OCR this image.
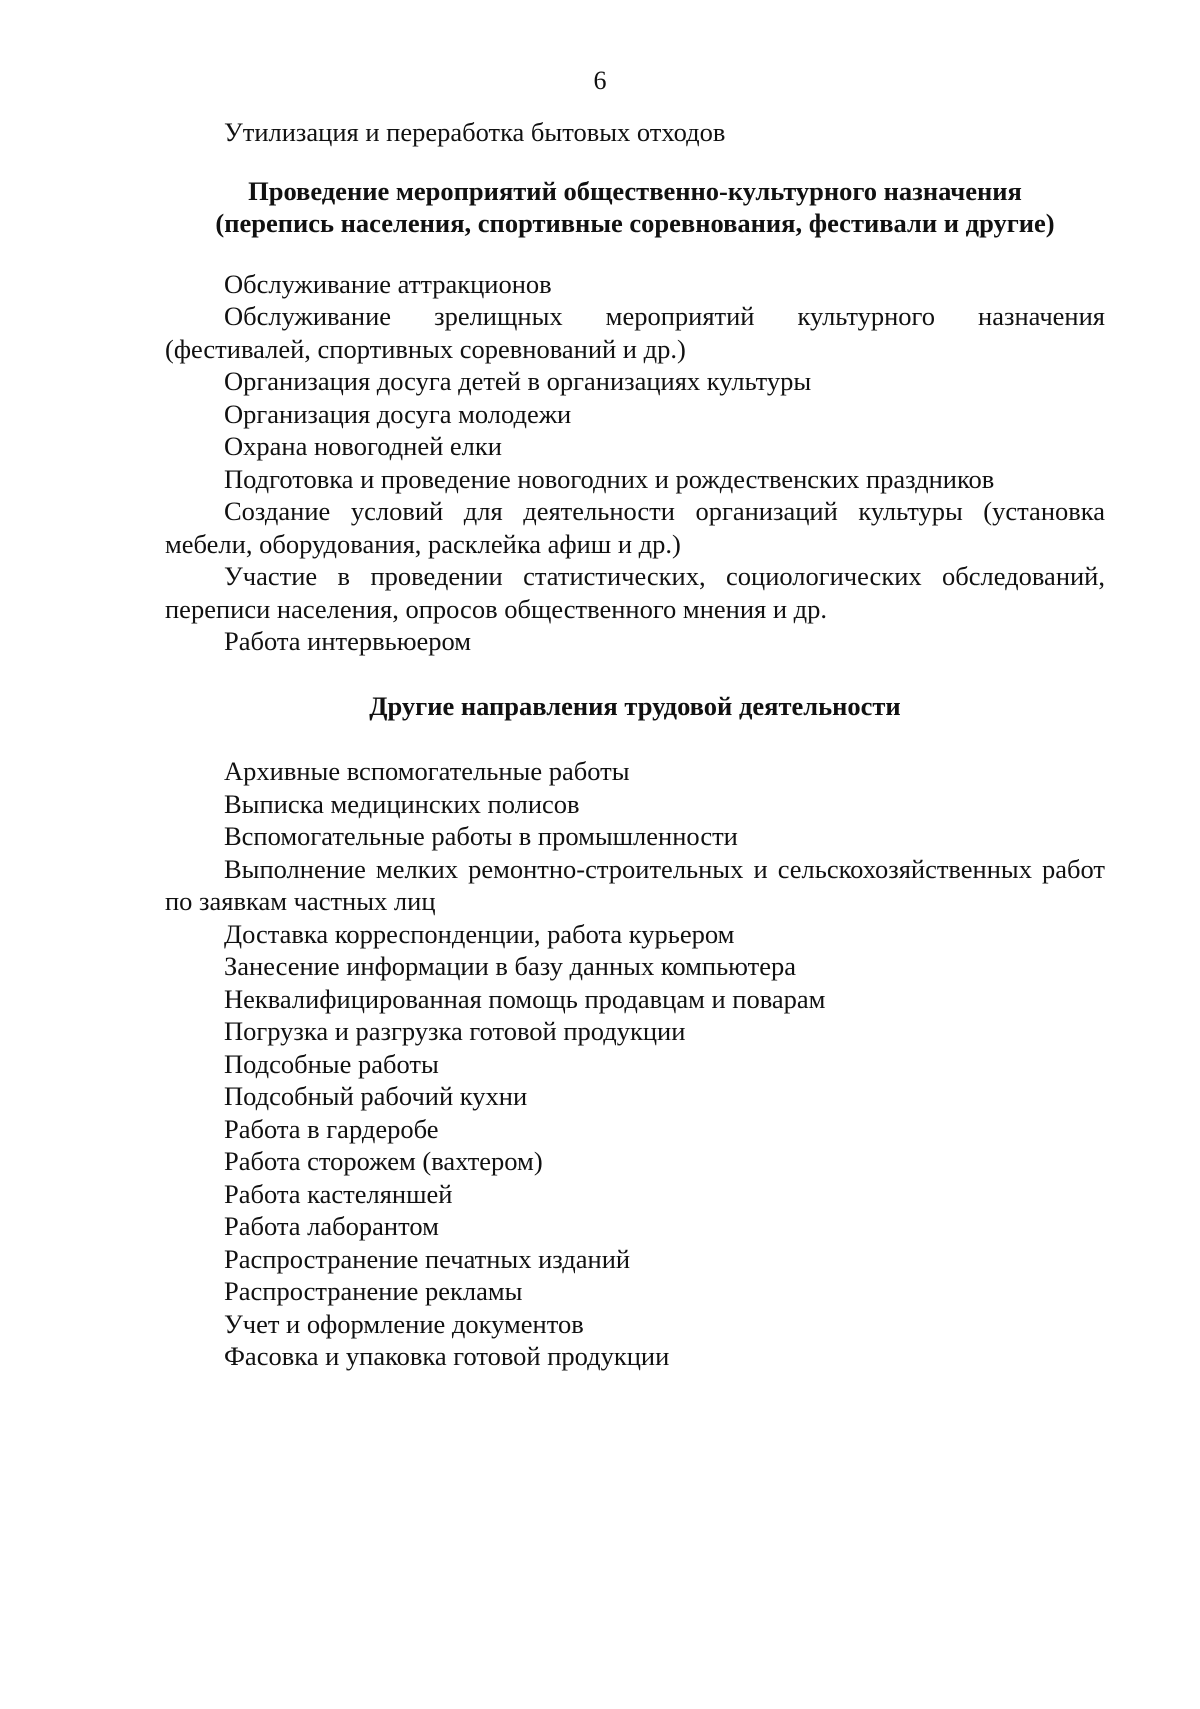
6

Утилизация и переработка бытовых отходов

Проведение мероприятий общественно-культурного назначения
(перепись населения, спортивные соревнования, фестивали и другие)

Обслуживание аттракционов

Обслуживание зрелищных мероприятий культурного назначения (фестивалей, спортивных соревнований и др.)

Организация досуга детей в организациях культуры

Организация досуга молодежи

Охрана новогодней елки

Подготовка и проведение новогодних и рождественских праздников

Создание условий для деятельности организаций культуры (установка мебели, оборудования, расклейка афиш и др.)

Участие в проведении статистических, социологических обследований, переписи населения, опросов общественного мнения и др.

Работа интервьюером

Другие направления трудовой деятельности

Архивные вспомогательные работы

Выписка медицинских полисов

Вспомогательные работы в промышленности

Выполнение мелких ремонтно-строительных и сельскохозяйственных работ по заявкам частных лиц

Доставка корреспонденции, работа курьером

Занесение информации в базу данных компьютера

Неквалифицированная помощь продавцам и поварам

Погрузка и разгрузка готовой продукции

Подсобные работы

Подсобный рабочий кухни

Работа в гардеробе

Работа сторожем (вахтером)

Работа кастеляншей

Работа лаборантом

Распространение печатных изданий

Распространение рекламы

Учет и оформление документов

Фасовка и упаковка готовой продукции
